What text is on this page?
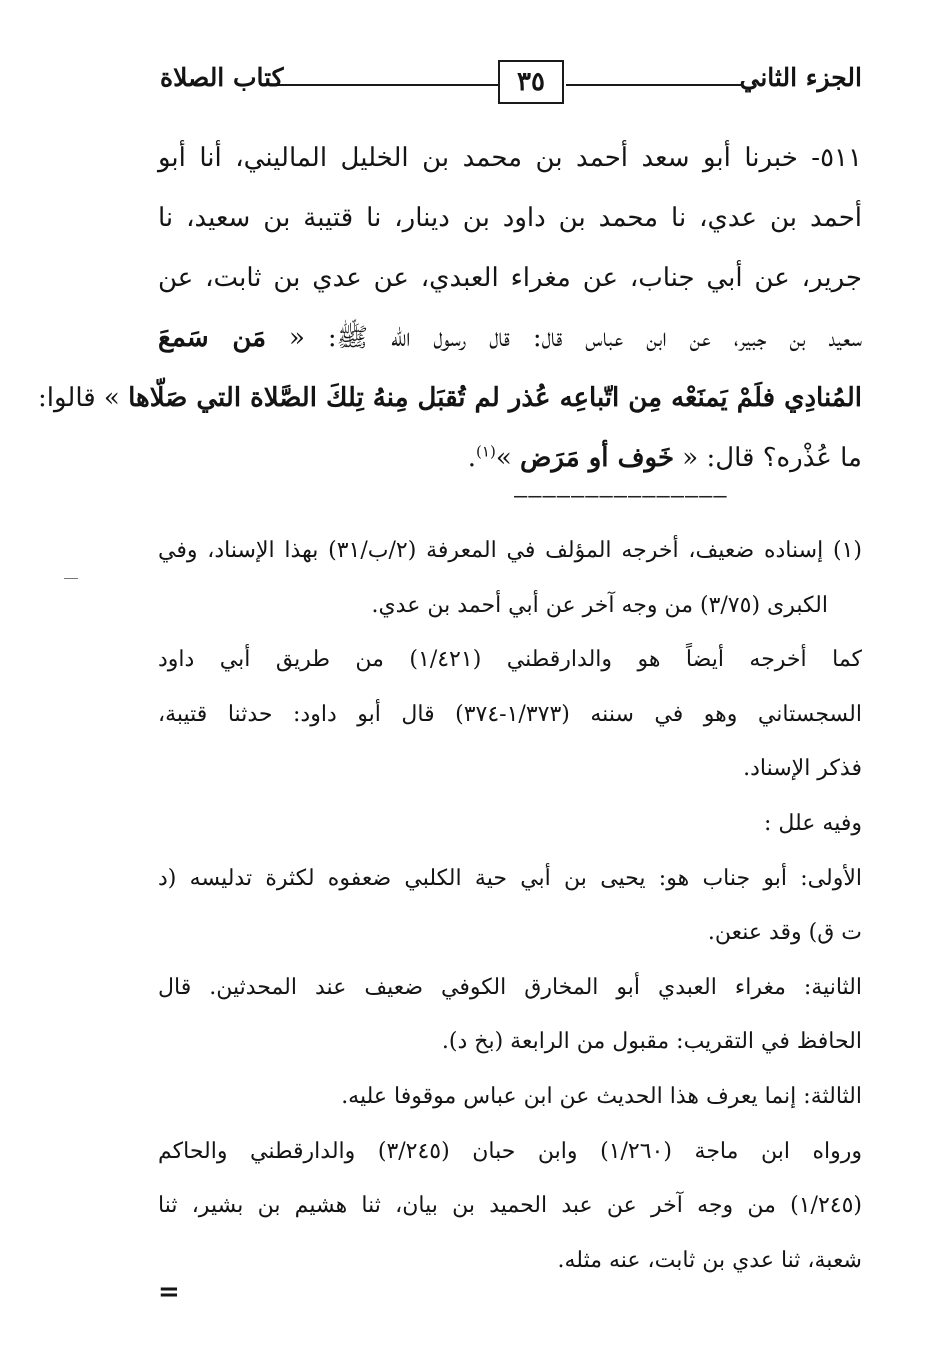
الجزء الثاني
٣٥
كتاب الصلاة
٥١١- خبرنا أبو سعد أحمد بن محمد بن الخليل الماليني، أنا أبو
أحمد بن عدي، نا محمد بن داود بن دينار، نا قتيبة بن سعيد، نا
جرير، عن أبي جناب، عن مغراء العبدي، عن عدي بن ثابت، عن
سعيد بن جبير، عن ابن عباس قال: قال رسول الله ﷺ: « مَن سَمعَ
المُنادِي فلَمْ يَمنَعْه مِن اتّباعِه عُذر لم تُقبَل مِنهُ تِلكَ الصَّلاة التي صَلّاها » قالوا:
ما عُذْره؟ قال: « خَوف أو مَرَض »$^{(١)}$.
———————————————
(١) إسناده ضعيف، أخرجه المؤلف في المعرفة (٢/ب/٣١) بهذا الإسناد، وفي
الكبرى (٣/٧٥) من وجه آخر عن أبي أحمد بن عدي.
كما أخرجه أيضاً هو والدارقطني (١/٤٢١) من طريق أبي داود
السجستاني وهو في سننه (١/٣٧٣-٣٧٤) قال أبو داود: حدثنا قتيبة،
فذكر الإسناد.
وفيه علل :
الأولى: أبو جناب هو: يحيى بن أبي حية الكلبي ضعفوه لكثرة تدليسه (د
ت ق) وقد عنعن.
الثانية: مغراء العبدي أبو المخارق الكوفي ضعيف عند المحدثين. قال
الحافظ في التقريب: مقبول من الرابعة (بخ د).
الثالثة: إنما يعرف هذا الحديث عن ابن عباس موقوفا عليه.
ورواه ابن ماجة (١/٢٦٠) وابن حبان (٣/٢٤٥) والدارقطني والحاكم
(١/٢٤٥) من وجه آخر عن عبد الحميد بن بيان، ثنا هشيم بن بشير، ثنا
شعبة، ثنا عدي بن ثابت، عنه مثله.
=
